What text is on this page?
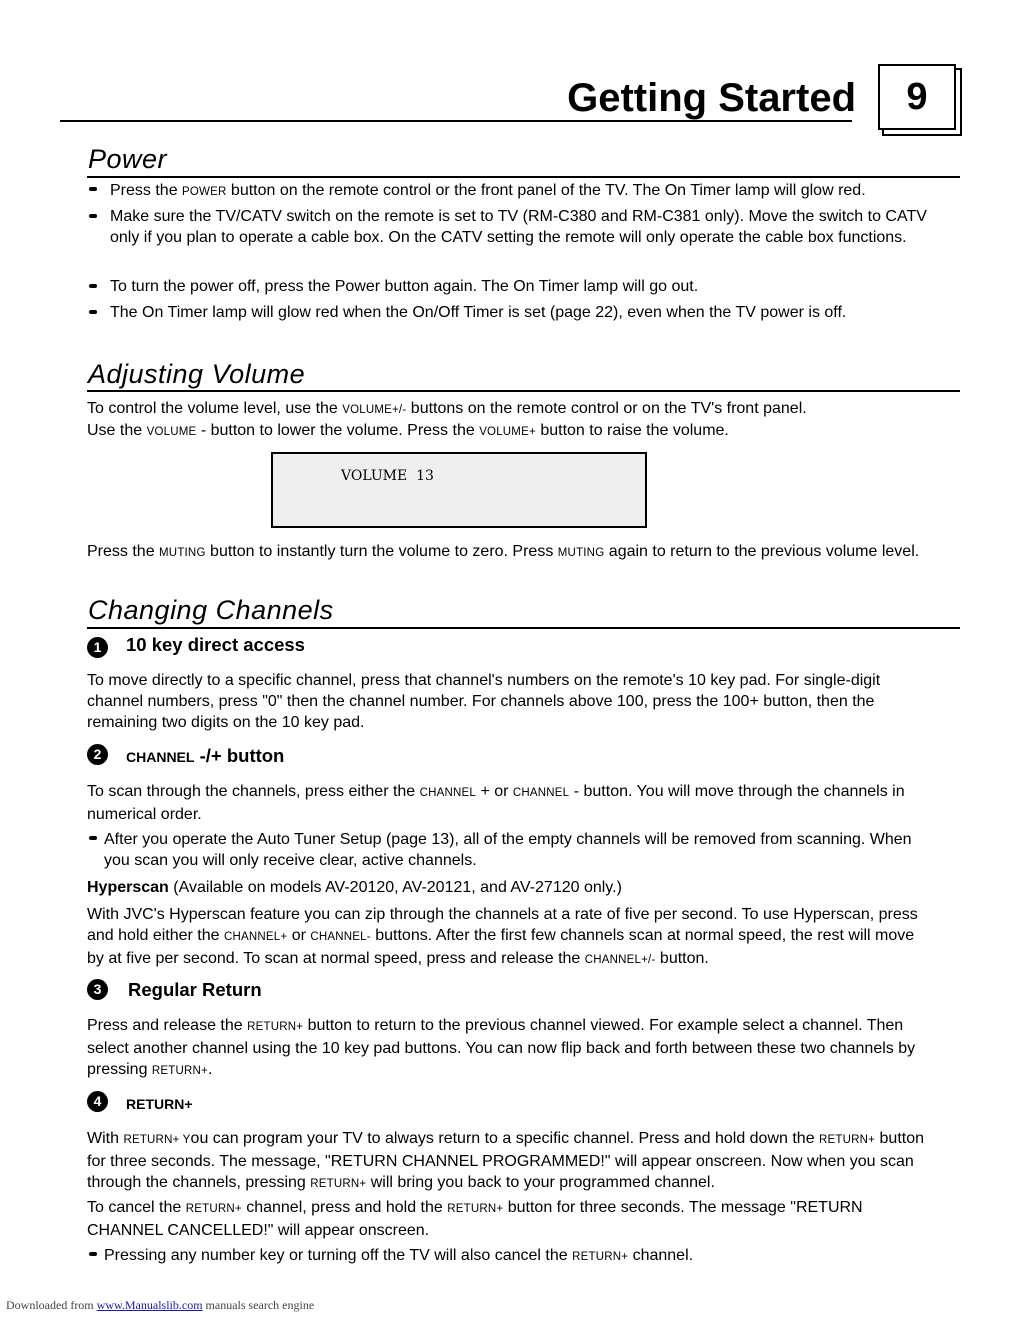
Getting Started	9
Power
Press the POWER button on the remote control or the front panel of the TV. The On Timer lamp will glow red.
Make sure the TV/CATV switch on the remote is set to TV (RM-C380 and RM-C381 only). Move the switch to CATV only if you plan to operate a cable box. On the CATV setting the remote will only operate the cable box functions.
To turn the power off, press the Power button again. The On Timer lamp will go out.
The On Timer lamp will glow red when the On/Off Timer is set (page 22), even when the TV power is off.
Adjusting Volume
To control the volume level, use the VOLUME+/- buttons on the remote control or on the TV's front panel.
Use the VOLUME - button to lower the volume. Press the VOLUME+ button to raise the volume.
VOLUME  13
Press the MUTING button to instantly turn the volume to zero. Press MUTING again to return to the previous volume level.
Changing Channels
1	10 key direct access
To move directly to a specific channel, press that channel's numbers on the remote's 10 key pad. For single-digit channel numbers, press "0" then the channel number. For channels above 100, press the 100+ button, then the remaining two digits on the 10 key pad.
2	CHANNEL -/+ button
To scan through the channels, press either the CHANNEL + or CHANNEL - button. You will move through the channels in numerical order.
After you operate the Auto Tuner Setup (page 13), all of the empty channels will be removed from scanning. When you scan you will only receive clear, active channels.
Hyperscan (Available on models AV-20120, AV-20121, and AV-27120 only.)
With JVC's Hyperscan feature you can zip through the channels at a rate of five per second. To use Hyperscan, press and hold either the CHANNEL+ or CHANNEL- buttons. After the first few channels scan at normal speed, the rest will move by at five per second. To scan at normal speed, press and release the CHANNEL+/- button.
3	Regular Return
Press and release the RETURN+ button to return to the previous channel viewed. For example select a channel. Then select another channel using the 10 key pad buttons. You can now flip back and forth between these two channels by pressing RETURN+.
4	RETURN+
With RETURN+ You can program your TV to always return to a specific channel. Press and hold down the RETURN+ button for three seconds. The message, "RETURN CHANNEL PROGRAMMED!" will appear onscreen. Now when you scan through the channels, pressing RETURN+ will bring you back to your programmed channel.
To cancel the RETURN+ channel, press and hold the RETURN+ button for three seconds. The message "RETURN CHANNEL CANCELLED!" will appear onscreen.
Pressing any number key or turning off the TV will also cancel the RETURN+ channel.
Downloaded from www.Manualslib.com manuals search engine
